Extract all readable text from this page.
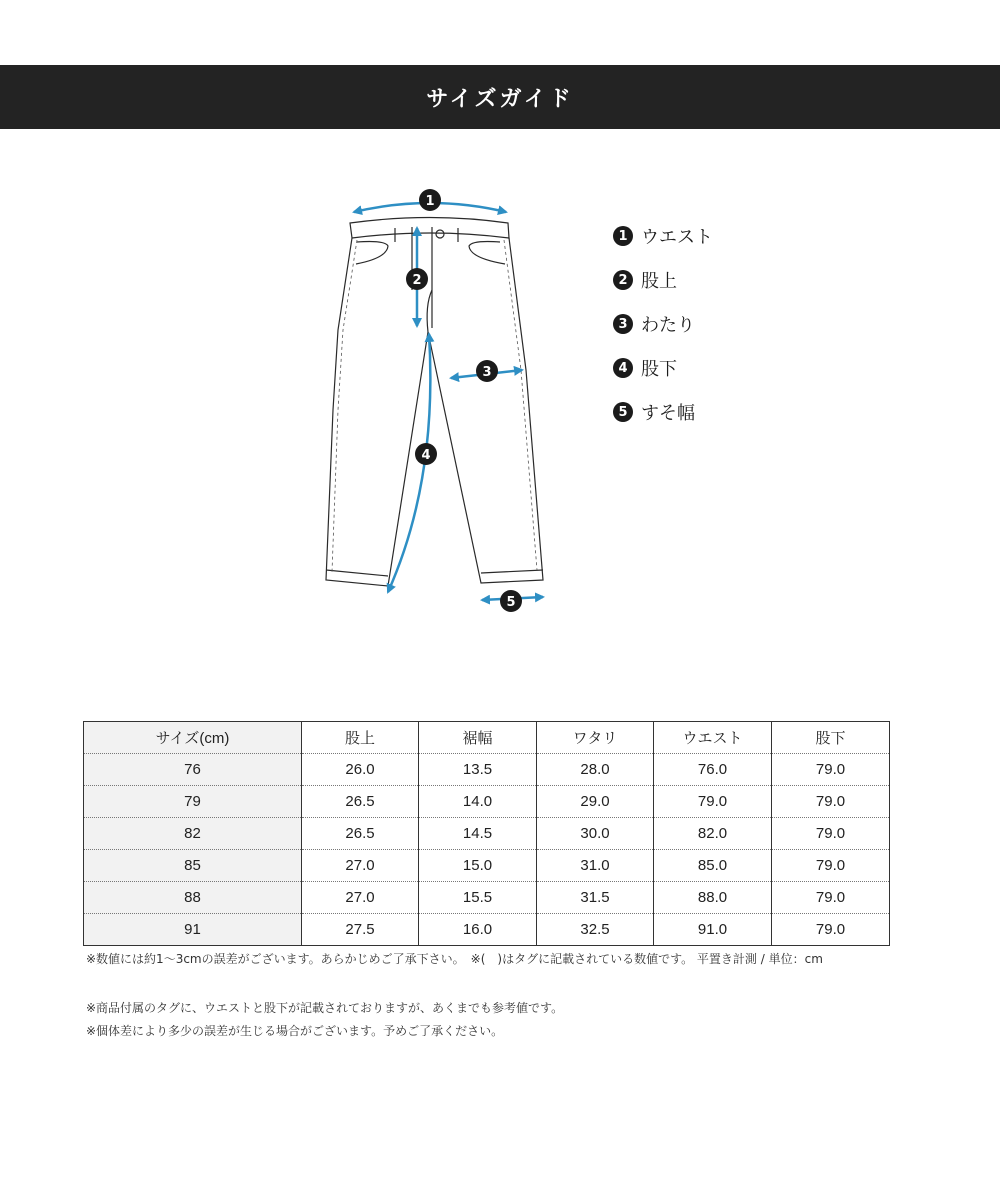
サイズガイド
1
2
3
4
5
1 ウエスト
2 股上
3 わたり
4 股下
5 すそ幅
サイズ(cm)	股上	裾幅	ワタリ	ウエスト	股下
76	26.0	13.5	28.0	76.0	79.0
79	26.5	14.0	29.0	79.0	79.0
82	26.5	14.5	30.0	82.0	79.0
85	27.0	15.0	31.0	85.0	79.0
88	27.0	15.5	31.5	88.0	79.0
91	27.5	16.0	32.5	91.0	79.0
※数値には約1～3cmの誤差がございます。あらかじめご了承下さい。　※(　)はタグに記載されている数値です。 平置き計測 / 単位：cm
※商品付属のタグに、ウエストと股下が記載されておりますが、あくまでも参考値です。
※個体差により多少の誤差が生じる場合がございます。予めご了承ください。
